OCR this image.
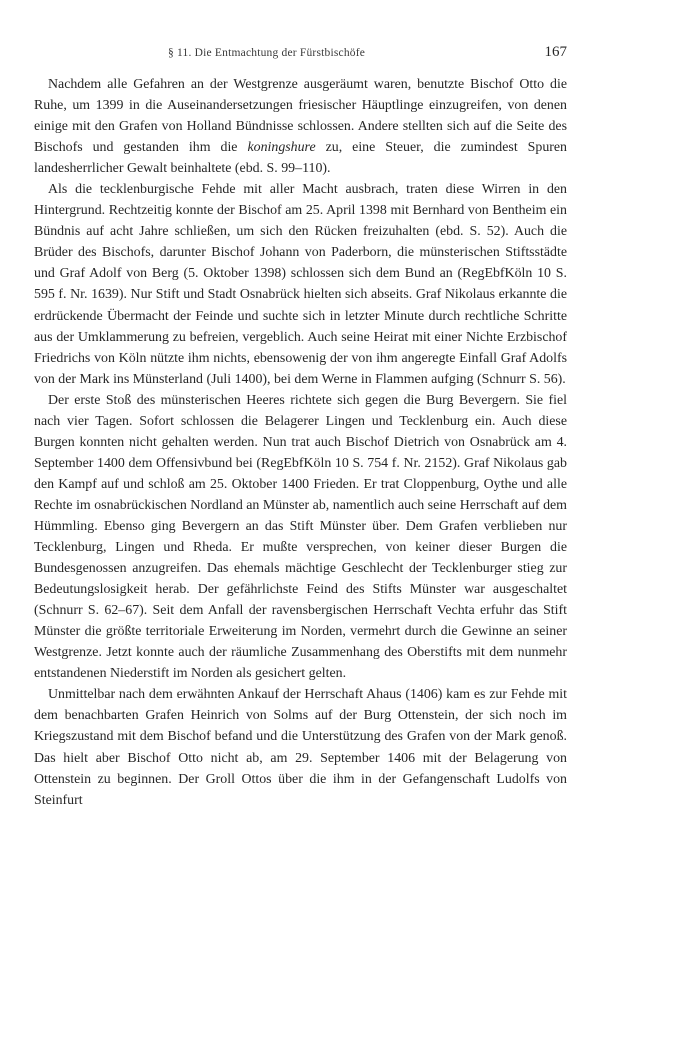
§ 11. Die Entmachtung der Fürstbischöfe	167

Nachdem alle Gefahren an der Westgrenze ausgeräumt waren, benutzte Bischof Otto die Ruhe, um 1399 in die Auseinandersetzungen friesischer Häuptlinge einzugreifen, von denen einige mit den Grafen von Holland Bündnisse schlossen. Andere stellten sich auf die Seite des Bischofs und gestanden ihm die koningshure zu, eine Steuer, die zumindest Spuren landesherrlicher Gewalt beinhaltete (ebd. S. 99–110).

Als die tecklenburgische Fehde mit aller Macht ausbrach, traten diese Wirren in den Hintergrund. Rechtzeitig konnte der Bischof am 25. April 1398 mit Bernhard von Bentheim ein Bündnis auf acht Jahre schließen, um sich den Rücken freizuhalten (ebd. S. 52). Auch die Brüder des Bischofs, darunter Bischof Johann von Paderborn, die münsterischen Stiftsstädte und Graf Adolf von Berg (5. Oktober 1398) schlossen sich dem Bund an (RegEbfKöln 10 S. 595 f. Nr. 1639). Nur Stift und Stadt Osnabrück hielten sich abseits. Graf Nikolaus erkannte die erdrückende Übermacht der Feinde und suchte sich in letzter Minute durch rechtliche Schritte aus der Umklammerung zu befreien, vergeblich. Auch seine Heirat mit einer Nichte Erzbischof Friedrichs von Köln nützte ihm nichts, ebensowenig der von ihm angeregte Einfall Graf Adolfs von der Mark ins Münsterland (Juli 1400), bei dem Werne in Flammen aufging (Schnurr S. 56).

Der erste Stoß des münsterischen Heeres richtete sich gegen die Burg Bevergern. Sie fiel nach vier Tagen. Sofort schlossen die Belagerer Lingen und Tecklenburg ein. Auch diese Burgen konnten nicht gehalten werden. Nun trat auch Bischof Dietrich von Osnabrück am 4. September 1400 dem Offensivbund bei (RegEbfKöln 10 S. 754 f. Nr. 2152). Graf Nikolaus gab den Kampf auf und schloß am 25. Oktober 1400 Frieden. Er trat Cloppenburg, Oythe und alle Rechte im osnabrückischen Nordland an Münster ab, namentlich auch seine Herrschaft auf dem Hümmling. Ebenso ging Bevergern an das Stift Münster über. Dem Grafen verblieben nur Tecklenburg, Lingen und Rheda. Er mußte versprechen, von keiner dieser Burgen die Bundesgenossen anzugreifen. Das ehemals mächtige Geschlecht der Tecklenburger stieg zur Bedeutungslosigkeit herab. Der gefährlichste Feind des Stifts Münster war ausgeschaltet (Schnurr S. 62–67). Seit dem Anfall der ravensbergischen Herrschaft Vechta erfuhr das Stift Münster die größte territoriale Erweiterung im Norden, vermehrt durch die Gewinne an seiner Westgrenze. Jetzt konnte auch der räumliche Zusammenhang des Oberstifts mit dem nunmehr entstandenen Niederstift im Norden als gesichert gelten.

Unmittelbar nach dem erwähnten Ankauf der Herrschaft Ahaus (1406) kam es zur Fehde mit dem benachbarten Grafen Heinrich von Solms auf der Burg Ottenstein, der sich noch im Kriegszustand mit dem Bischof befand und die Unterstützung des Grafen von der Mark genoß. Das hielt aber Bischof Otto nicht ab, am 29. September 1406 mit der Belagerung von Ottenstein zu beginnen. Der Groll Ottos über die ihm in der Gefangenschaft Ludolfs von Steinfurt
